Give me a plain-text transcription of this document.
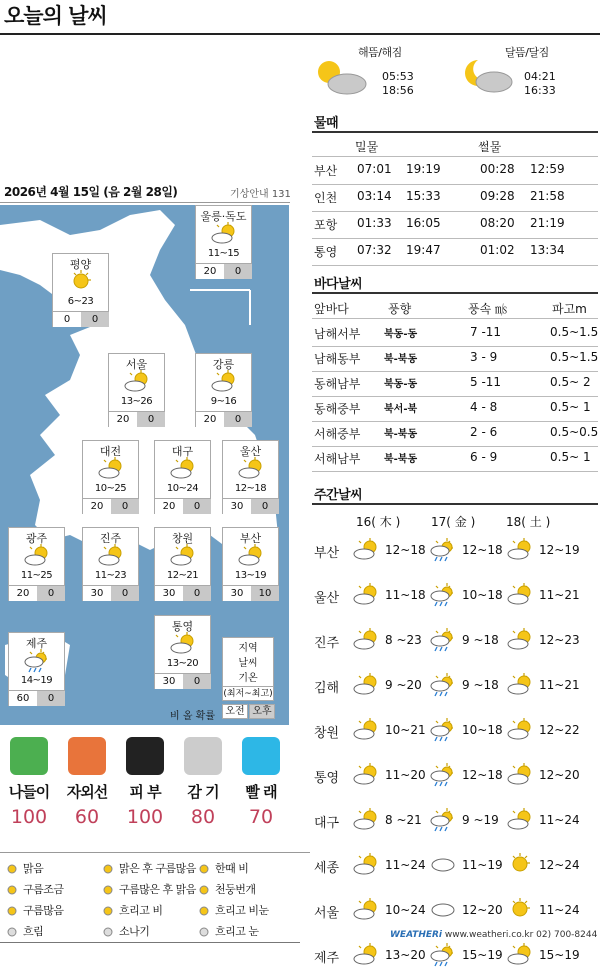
오늘의 날씨
2026년 4월 15일 (음 2월 28일)	기상안내 131
울릉·독도
11~15
20	0
평양
6~23
0	0
서울
13~26
20	0
강릉
9~16
20	0
대전
10~25
20	0
대구
10~24
20	0
울산
12~18
30	0
광주
11~25
20	0
진주
11~23
30	0
창원
12~21
30	0
부산
13~19
30	10
통영
13~20
30	0
제주
14~19
60	0
지역
날씨
기온
(최저~최고)
비 올 확률	오전 오후
나들이
100
자외선
60
피 부
100
감 기
80
빨 래
70
맑음
구름조금
구름많음
흐림
맑은 후 구름많음
구름많은 후 맑음
흐리고 비
소나기
한때 비
천둥번개
흐리고 비눈
흐리고 눈
해뜸/해짐	달뜸/달짐
05:53
18:56
04:21
16:33
물때
밀물	썰물
부산 07:01 19:19	00:28 12:59
인천 03:14 15:33	09:28 21:58
포항 01:33 16:05	08:20 21:19
통영 07:32 19:47	01:02 13:34
바다날씨
앞바다	풍향	풍속 ㎧	파고m
남해서부 북동-동	7 -11	0.5~1.5
남해동부 북-북동	3 - 9	0.5~1.5
동해남부 북동-동	5 -11	0.5~ 2
동해중부 북서-북	4 - 8	0.5~ 1
서해중부 북-북동	2 - 6	0.5~0.5
서해남부 북-북동	6 - 9	0.5~ 1
주간날씨
16( 木 )	17( 金 )	18( 土 )
부산	12~18	12~18	12~19
울산	11~18	10~18	11~21
진주	8 ~23	9 ~18	12~23
김해	9 ~20	9 ~18	11~21
창원	10~21	10~18	12~22
통영	11~20	12~18	12~20
대구	8 ~21	9 ~19	11~24
세종	11~24	11~19	12~24
서울	10~24	12~20	11~24
제주	13~20	15~19	15~19
WEATHERi www.weatheri.co.kr 02) 700-8244
